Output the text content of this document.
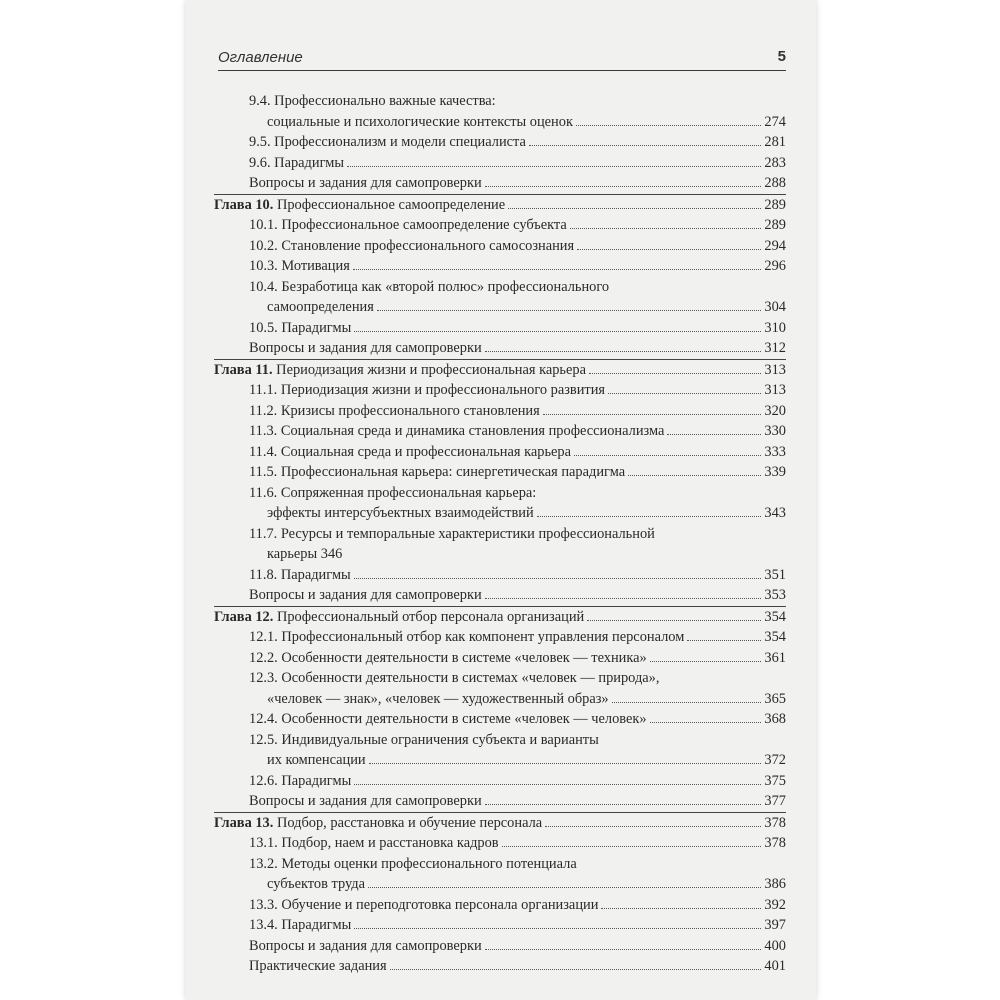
Оглавление	5
9.4. Профессионально важные качества:
социальные и психологические контексты оценок	274
9.5. Профессионализм и модели специалиста	281
9.6. Парадигмы	283
Вопросы и задания для самопроверки	288
Глава 10. Профессиональное самоопределение	289
10.1. Профессиональное самоопределение субъекта	289
10.2. Становление профессионального самосознания	294
10.3. Мотивация	296
10.4. Безработица как «второй полюс» профессионального
самоопределения	304
10.5. Парадигмы	310
Вопросы и задания для самопроверки	312
Глава 11. Периодизация жизни и профессиональная карьера	313
11.1. Периодизация жизни и профессионального развития	313
11.2. Кризисы профессионального становления	320
11.3. Социальная среда и динамика становления профессионализма	330
11.4. Социальная среда и профессиональная карьера	333
11.5. Профессиональная карьера: синергетическая парадигма	339
11.6. Сопряженная профессиональная карьера:
эффекты интерсубъектных взаимодействий	343
11.7. Ресурсы и темпоральные характеристики профессиональной
карьеры 346
11.8. Парадигмы	351
Вопросы и задания для самопроверки	353
Глава 12. Профессиональный отбор персонала организаций	354
12.1. Профессиональный отбор как компонент управления персоналом	354
12.2. Особенности деятельности в системе «человек — техника»	361
12.3. Особенности деятельности в системах «человек — природа»,
«человек — знак», «человек — художественный образ»	365
12.4. Особенности деятельности в системе «человек — человек»	368
12.5. Индивидуальные ограничения субъекта и варианты
их компенсации	372
12.6. Парадигмы	375
Вопросы и задания для самопроверки	377
Глава 13. Подбор, расстановка и обучение персонала	378
13.1. Подбор, наем и расстановка кадров	378
13.2. Методы оценки профессионального потенциала
субъектов труда	386
13.3. Обучение и переподготовка персонала организации	392
13.4. Парадигмы	397
Вопросы и задания для самопроверки	400
Практические задания	401
